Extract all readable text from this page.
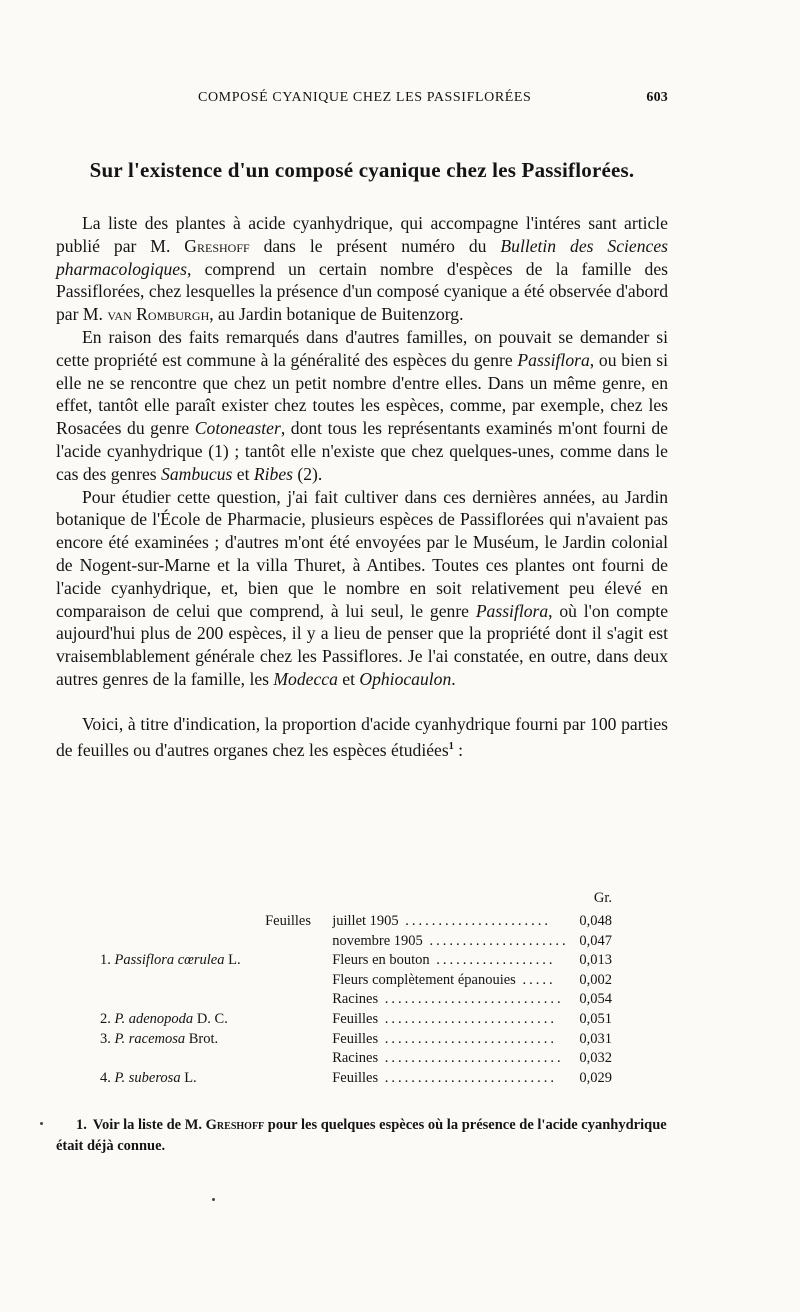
COMPOSÉ CYANIQUE CHEZ LES PASSIFLORÉES	603
Sur l'existence d'un composé cyanique chez les Passiflorées.

La liste des plantes à acide cyanhydrique, qui accompagne l'intéres sant article publié par M. Greshoff dans le présent numéro du Bulletin des Sciences pharmacologiques, comprend un certain nombre d'espèces de la famille des Passiflorées, chez lesquelles la présence d'un composé cyanique a été observée d'abord par M. van Romburgh, au Jardin botanique de Buitenzorg.

En raison des faits remarqués dans d'autres familles, on pouvait se demander si cette propriété est commune à la généralité des espèces du genre Passiflora, ou bien si elle ne se rencontre que chez un petit nombre d'entre elles. Dans un même genre, en effet, tantôt elle paraît exister chez toutes les espèces, comme, par exemple, chez les Rosacées du genre Cotoneaster, dont tous les représentants examinés m'ont fourni de l'acide cyanhydrique (1) ; tantôt elle n'existe que chez quelques-unes, comme dans le cas des genres Sambucus et Ribes (2).

Pour étudier cette question, j'ai fait cultiver dans ces dernières années, au Jardin botanique de l'École de Pharmacie, plusieurs espèces de Passiflorées qui n'avaient pas encore été examinées ; d'autres m'ont été envoyées par le Muséum, le Jardin colonial de Nogent-sur-Marne et la villa Thuret, à Antibes. Toutes ces plantes ont fourni de l'acide cyanhydrique, et, bien que le nombre en soit relativement peu élevé en comparaison de celui que comprend, à lui seul, le genre Passiflora, où l'on compte aujourd'hui plus de 200 espèces, il y a lieu de penser que la propriété dont il s'agit est vraisemblablement générale chez les Passiflores. Je l'ai constatée, en outre, dans deux autres genres de la famille, les Modecca et Ophiocaulon.

Voici, à titre d'indication, la proportion d'acide cyanhydrique fourni par 100 parties de feuilles ou d'autres organes chez les espèces étudiées$^1$ :

Gr.
	Feuilles	juillet 1905 ......................	0,048
		novembre 1905 .....................	0,047
1. Passiflora cœrulea L.		Fleurs en bouton ..................	0,013
		Fleurs complètement épanouies .....	0,002
		Racines ...........................	0,054
2. P. adenopoda D. C.		Feuilles ..........................	0,051
3. P. racemosa Brot.		Feuilles ..........................	0,031
		Racines ...........................	0,032
4. P. suberosa L.		Feuilles ..........................	0,029
1. Voir la liste de M. Greshoff pour les quelques espèces où la présence de l'acide cyanhydrique était déjà connue.
